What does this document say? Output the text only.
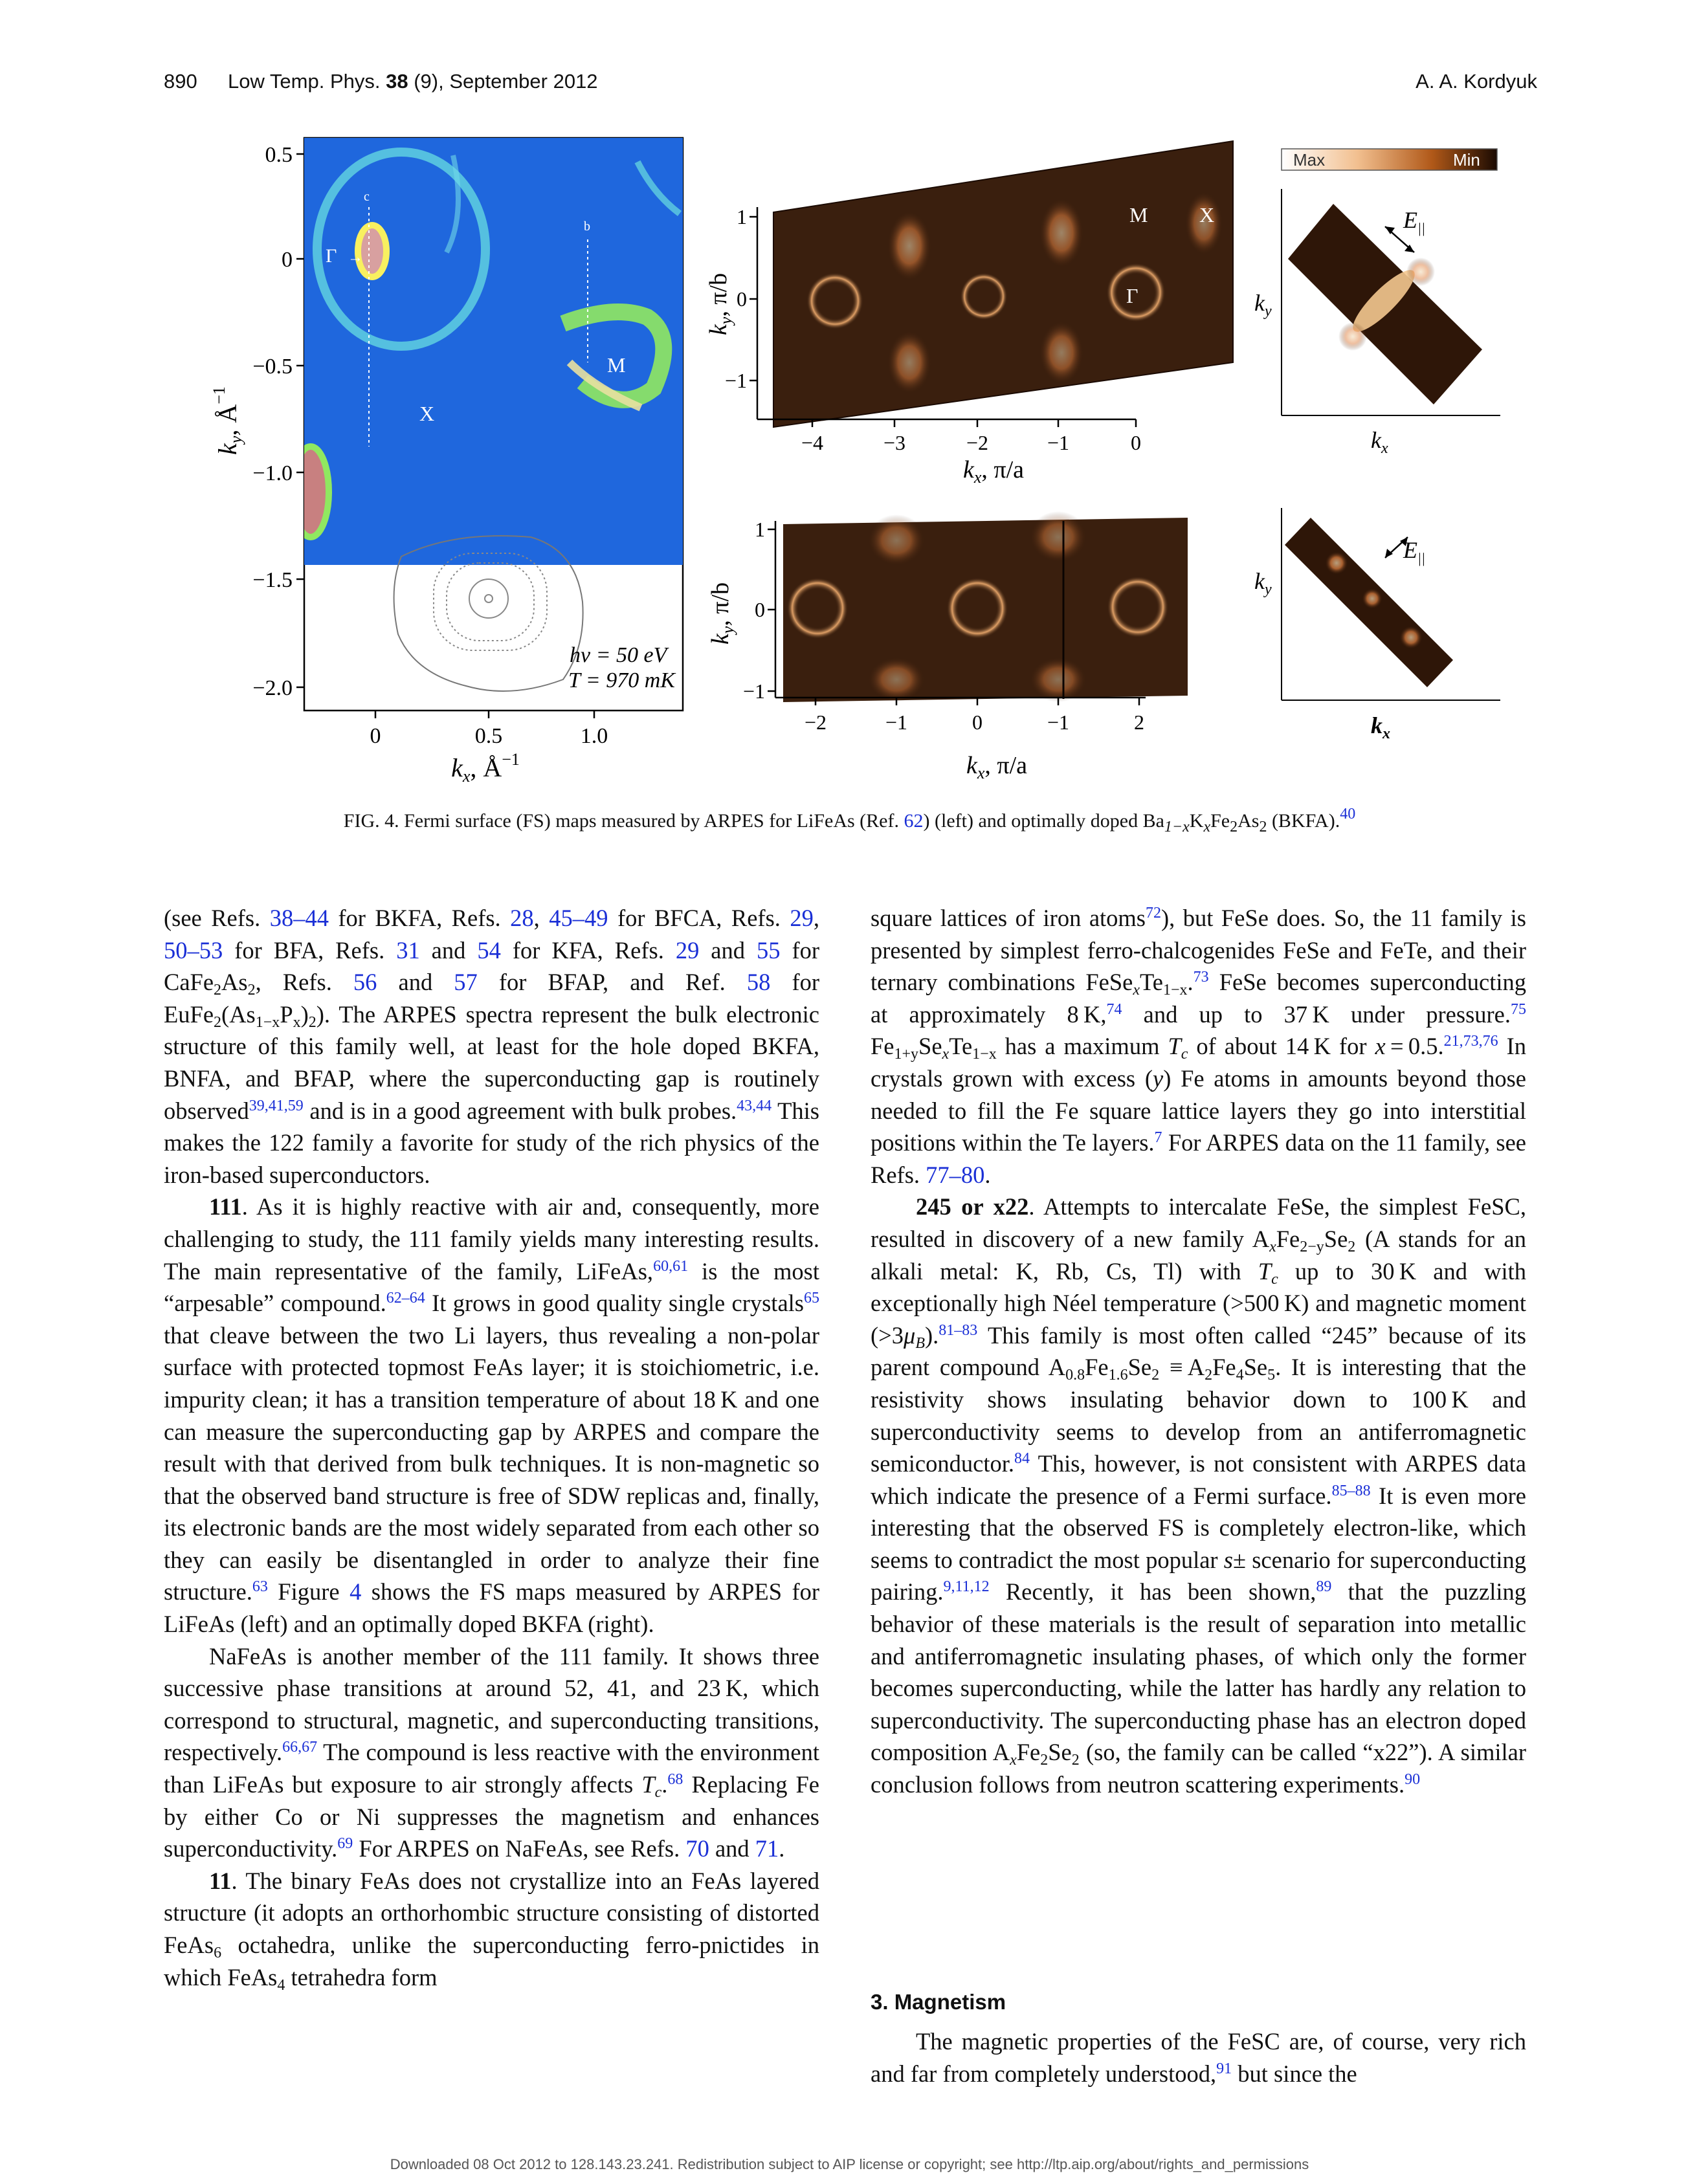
890 Low Temp. Phys. 38 (9), September 2012	A. A. Kordyuk
0.5
0
−0.5
−1.0
−1.5
−2.0
0	0.5	1.0
$k_x$, $Å^{-1}$
$k_y$, $Å^{-1}$
Γ →
X
M
c
b
hν = 50 eV
T = 970 mK
1
0
−1
−4	−3	−2	−1	0
$k_x$, π/a
$k_y$, π/b
M X
Γ
1
0
−1
−2	−1	0	−1	2
$k_x$, π/a
$k_y$, π/b
Max	Min
$E_{||}$
$k_y$
$k_x$
$E_{||}$
$k_y$
$k_x$
FIG. 4. Fermi surface (FS) maps measured by ARPES for LiFeAs (Ref. 62) (left) and optimally doped $Ba_{1-x}K_xFe_2As_2$ (BKFA).$^{40}$

(see Refs. 38–44 for BKFA, Refs. 28, 45–49 for BFCA, Refs. 29, 50–53 for BFA, Refs. 31 and 54 for KFA, Refs. 29 and 55 for $CaFe_2As_2$, Refs. 56 and 57 for BFAP, and Ref. 58 for $EuFe_2(As_{1-x}P_x)_2$). The ARPES spectra represent the bulk electronic structure of this family well, at least for the hole doped BKFA, BNFA, and BFAP, where the superconducting gap is routinely observed$^{39,41,59}$ and is in a good agreement with bulk probes.$^{43,44}$ This makes the 122 family a favorite for study of the rich physics of the iron-based superconductors.

111. As it is highly reactive with air and, consequently, more challenging to study, the 111 family yields many interesting results. The main representative of the family, LiFeAs,$^{60,61}$ is the most “arpesable” compound.$^{62-64}$ It grows in good quality single crystals$^{65}$ that cleave between the two Li layers, thus revealing a non-polar surface with protected topmost FeAs layer; it is stoichiometric, i.e. impurity clean; it has a transition temperature of about 18 K and one can measure the superconducting gap by ARPES and compare the result with that derived from bulk techniques. It is non-magnetic so that the observed band structure is free of SDW replicas and, finally, its electronic bands are the most widely separated from each other so they can easily be disentangled in order to analyze their fine structure.$^{63}$ Figure 4 shows the FS maps measured by ARPES for LiFeAs (left) and an optimally doped BKFA (right).

NaFeAs is another member of the 111 family. It shows three successive phase transitions at around 52, 41, and 23 K, which correspond to structural, magnetic, and superconducting transitions, respectively.$^{66,67}$ The compound is less reactive with the environment than LiFeAs but exposure to air strongly affects $T_c.^{68}$ Replacing Fe by either Co or Ni suppresses the magnetism and enhances superconductivity.$^{69}$ For ARPES on NaFeAs, see Refs. 70 and 71.

11. The binary FeAs does not crystallize into an FeAs layered structure (it adopts an orthorhombic structure consisting of distorted FeAs$_6$ octahedra, unlike the superconducting ferro-pnictides in which FeAs$_4$ tetrahedra form

square lattices of iron atoms$^{72}$), but FeSe does. So, the 11 family is presented by simplest ferro-chalcogenides FeSe and FeTe, and their ternary combinations $FeSe_xTe_{1-x}.^{73}$ FeSe becomes superconducting at approximately 8 K,$^{74}$ and up to 37 K under pressure.$^{75}$ $Fe_{1+y}Se_xTe_{1-x}$ has a maximum $T_c$ of about 14 K for x = 0.5.$^{21,73,76}$ In crystals grown with excess (y) Fe atoms in amounts beyond those needed to fill the Fe square lattice layers they go into interstitial positions within the Te layers.$^7$ For ARPES data on the 11 family, see Refs. 77–80.

245 or x22. Attempts to intercalate FeSe, the simplest FeSC, resulted in discovery of a new family $A_xFe_{2-y}Se_2$ (A stands for an alkali metal: K, Rb, Cs, Tl) with $T_c$ up to 30 K and with exceptionally high Néel temperature (>500 K) and magnetic moment $(>3\mu_B).^{81-83}$ This family is most often called “245” because of its parent compound $A_{0.8}Fe_{1.6}Se_2 \equiv A_2Fe_4Se_5$. It is interesting that the resistivity shows insulating behavior down to 100 K and superconductivity seems to develop from an antiferromagnetic semiconductor.$^{84}$ This, however, is not consistent with ARPES data which indicate the presence of a Fermi surface.$^{85-88}$ It is even more interesting that the observed FS is completely electron-like, which seems to contradict the most popular s± scenario for superconducting pairing.$^{9,11,12}$ Recently, it has been shown,$^{89}$ that the puzzling behavior of these materials is the result of separation into metallic and antiferromagnetic insulating phases, of which only the former becomes superconducting, while the latter has hardly any relation to superconductivity. The superconducting phase has an electron doped composition $A_xFe_2Se_2$ (so, the family can be called “x22”). A similar conclusion follows from neutron scattering experiments.$^{90}$

3. Magnetism

The magnetic properties of the FeSC are, of course, very rich and far from completely understood,$^{91}$ but since the

Downloaded 08 Oct 2012 to 128.143.23.241. Redistribution subject to AIP license or copyright; see http://ltp.aip.org/about/rights_and_permissions
